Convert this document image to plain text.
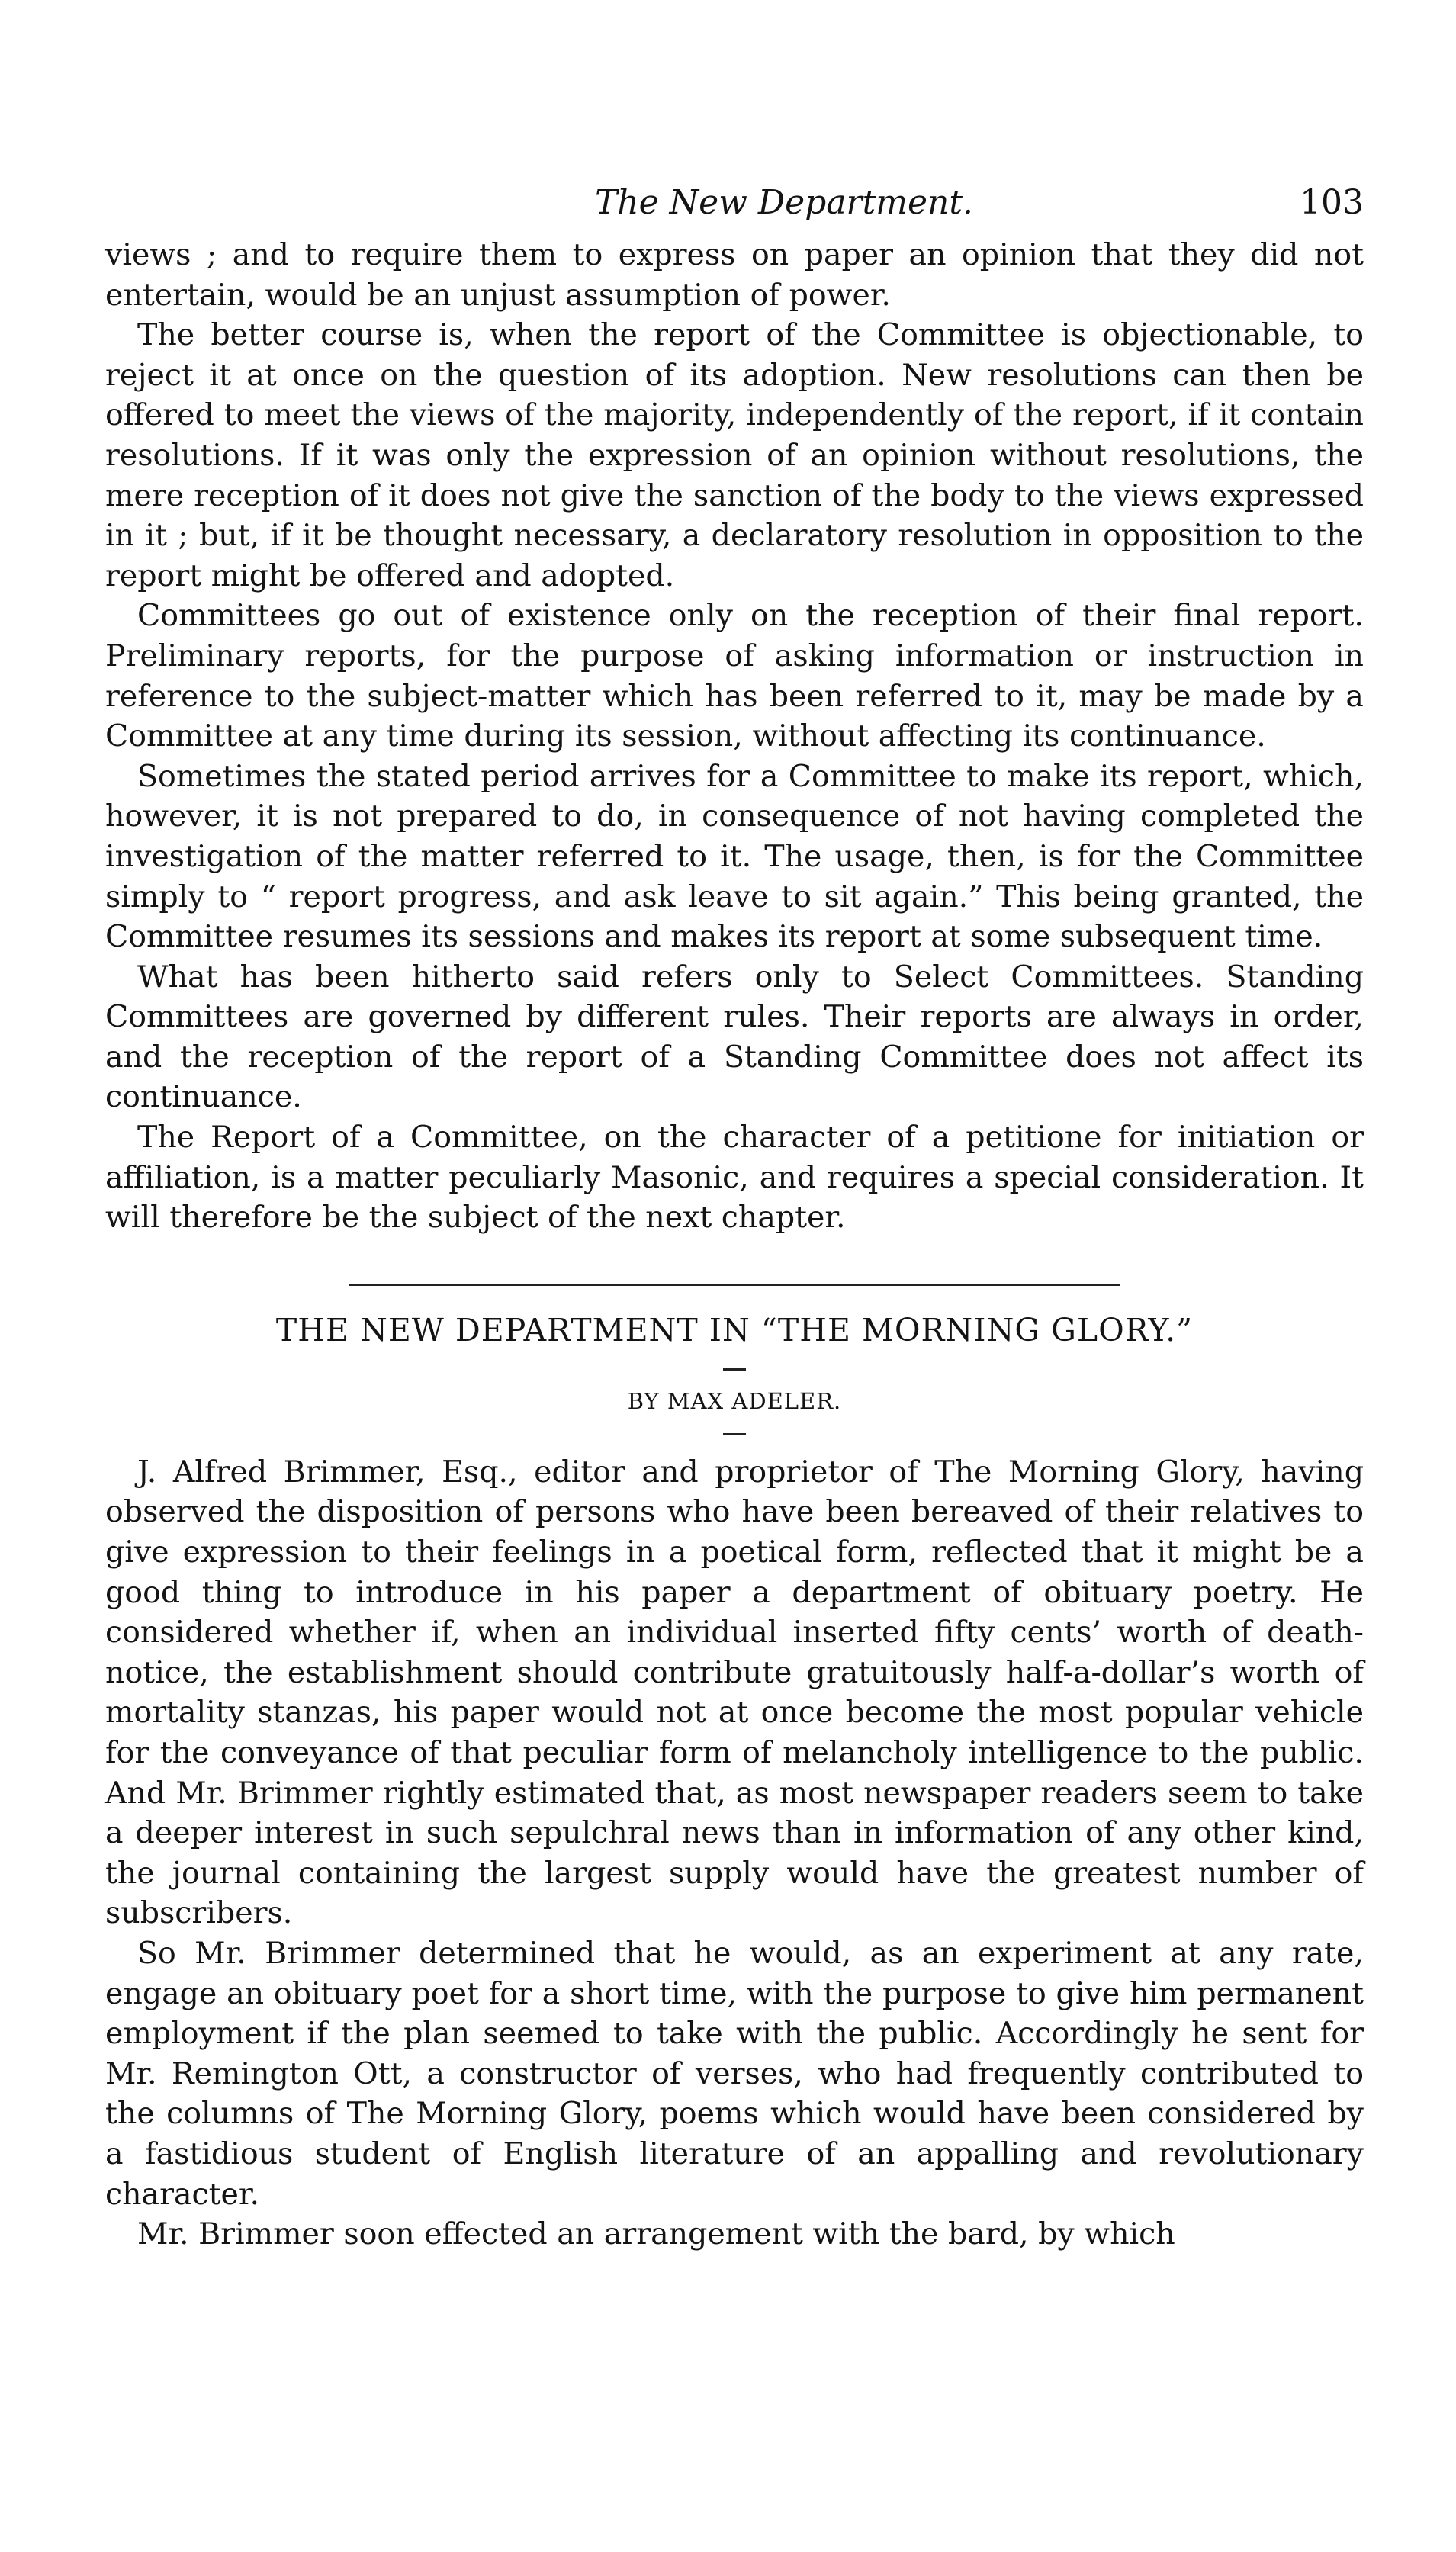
The New Department.	103

views ; and to require them to express on paper an opinion that they did not entertain, would be an unjust assumption of power.

The better course is, when the report of the Committee is objectionable, to reject it at once on the question of its adoption. New resolutions can then be offered to meet the views of the majority, independently of the report, if it contain resolutions. If it was only the expression of an opinion without resolutions, the mere reception of it does not give the sanction of the body to the views expressed in it ; but, if it be thought necessary, a declaratory resolution in opposition to the report might be offered and adopted.

Committees go out of existence only on the reception of their final report. Preliminary reports, for the purpose of asking information or instruction in reference to the subject-matter which has been referred to it, may be made by a Committee at any time during its session, without affecting its continuance.

Sometimes the stated period arrives for a Committee to make its report, which, however, it is not prepared to do, in consequence of not having completed the investigation of the matter referred to it. The usage, then, is for the Committee simply to “ report progress, and ask leave to sit again.” This being granted, the Committee resumes its sessions and makes its report at some subsequent time.

What has been hitherto said refers only to Select Committees. Standing Committees are governed by different rules. Their reports are always in order, and the reception of the report of a Standing Committee does not affect its continuance.

The Report of a Committee, on the character of a petitione for initiation or affiliation, is a matter peculiarly Masonic, and requires a special consideration. It will therefore be the subject of the next chapter.

THE NEW DEPARTMENT IN “THE MORNING GLORY.”
BY MAX ADELER.

J. Alfred Brimmer, Esq., editor and proprietor of The Morning Glory, having observed the disposition of persons who have been bereaved of their relatives to give expression to their feelings in a poetical form, reflected that it might be a good thing to introduce in his paper a department of obituary poetry. He considered whether if, when an individual inserted fifty cents’ worth of death-notice, the establishment should contribute gratuitously half-a-dollar’s worth of mortality stanzas, his paper would not at once become the most popular vehicle for the conveyance of that peculiar form of melancholy intelligence to the public. And Mr. Brimmer rightly estimated that, as most newspaper readers seem to take a deeper interest in such sepulchral news than in information of any other kind, the journal containing the largest supply would have the greatest number of subscribers.

So Mr. Brimmer determined that he would, as an experiment at any rate, engage an obituary poet for a short time, with the purpose to give him permanent employment if the plan seemed to take with the public. Accordingly he sent for Mr. Remington Ott, a constructor of verses, who had frequently contributed to the columns of The Morning Glory, poems which would have been considered by a fastidious student of English literature of an appalling and revolutionary character.

Mr. Brimmer soon effected an arrangement with the bard, by which
